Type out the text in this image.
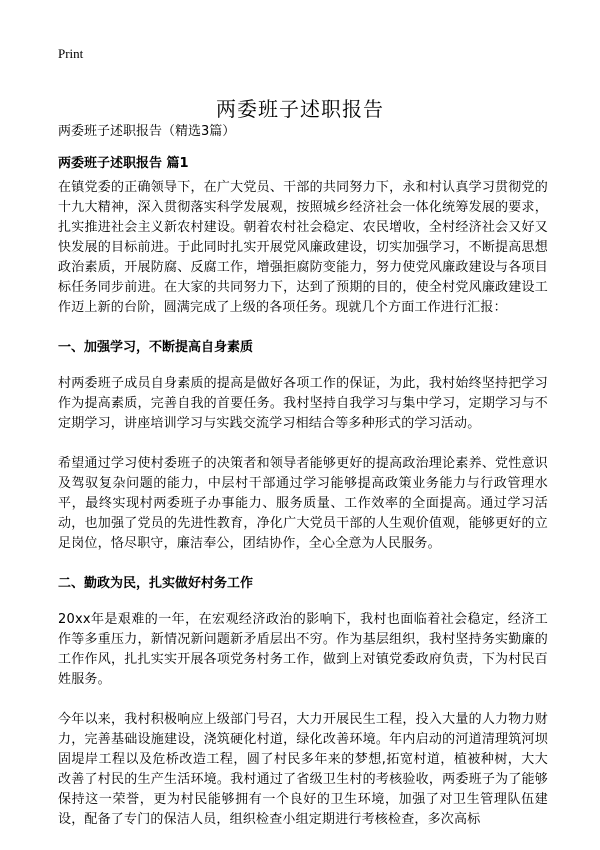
Print
两委班子述职报告
两委班子述职报告（精选3篇）
两委班子述职报告 篇1

在镇党委的正确领导下，在广大党员、干部的共同努力下，永和村认真学习贯彻党的十九大精神，深入贯彻落实科学发展观，按照城乡经济社会一体化统筹发展的要求，扎实推进社会主义新农村建设。朝着农村社会稳定、农民增收，全村经济社会又好又快发展的目标前进。于此同时扎实开展党风廉政建设，切实加强学习，不断提高思想政治素质，开展防腐、反腐工作，增强拒腐防变能力，努力使党风廉政建设与各项目标任务同步前进。在大家的共同努力下，达到了预期的目的，使全村党风廉政建设工作迈上新的台阶，圆满完成了上级的各项任务。现就几个方面工作进行汇报：

一、加强学习，不断提高自身素质

村两委班子成员自身素质的提高是做好各项工作的保证，为此，我村始终坚持把学习作为提高素质，完善自我的首要任务。我村坚持自我学习与集中学习，定期学习与不定期学习，讲座培训学习与实践交流学习相结合等多种形式的学习活动。

希望通过学习使村委班子的决策者和领导者能够更好的提高政治理论素养、党性意识及驾驭复杂问题的能力，中层村干部通过学习能够提高政策业务能力与行政管理水平，最终实现村两委班子办事能力、服务质量、工作效率的全面提高。通过学习活动，也加强了党员的先进性教育，净化广大党员干部的人生观价值观，能够更好的立足岗位，恪尽职守，廉洁奉公，团结协作，全心全意为人民服务。

二、勤政为民，扎实做好村务工作

20xx年是艰难的一年，在宏观经济政治的影响下，我村也面临着社会稳定，经济工作等多重压力，新情况新问题新矛盾层出不穷。作为基层组织，我村坚持务实勤廉的工作作风，扎扎实实开展各项党务村务工作，做到上对镇党委政府负责，下为村民百姓服务。

今年以来，我村积极响应上级部门号召，大力开展民生工程，投入大量的人力物力财力，完善基础设施建设，浇筑硬化村道，绿化改善环境。年内启动的河道清理筑河坝固堤岸工程以及危桥改造工程，圆了村民多年来的梦想,拓宽村道，植被种树，大大改善了村民的生产生活环境。我村通过了省级卫生村的考核验收，两委班子为了能够保持这一荣誉，更为村民能够拥有一个良好的卫生环境，加强了对卫生管理队伍建设，配备了专门的保洁人员，组织检查小组定期进行考核检查，多次高标
